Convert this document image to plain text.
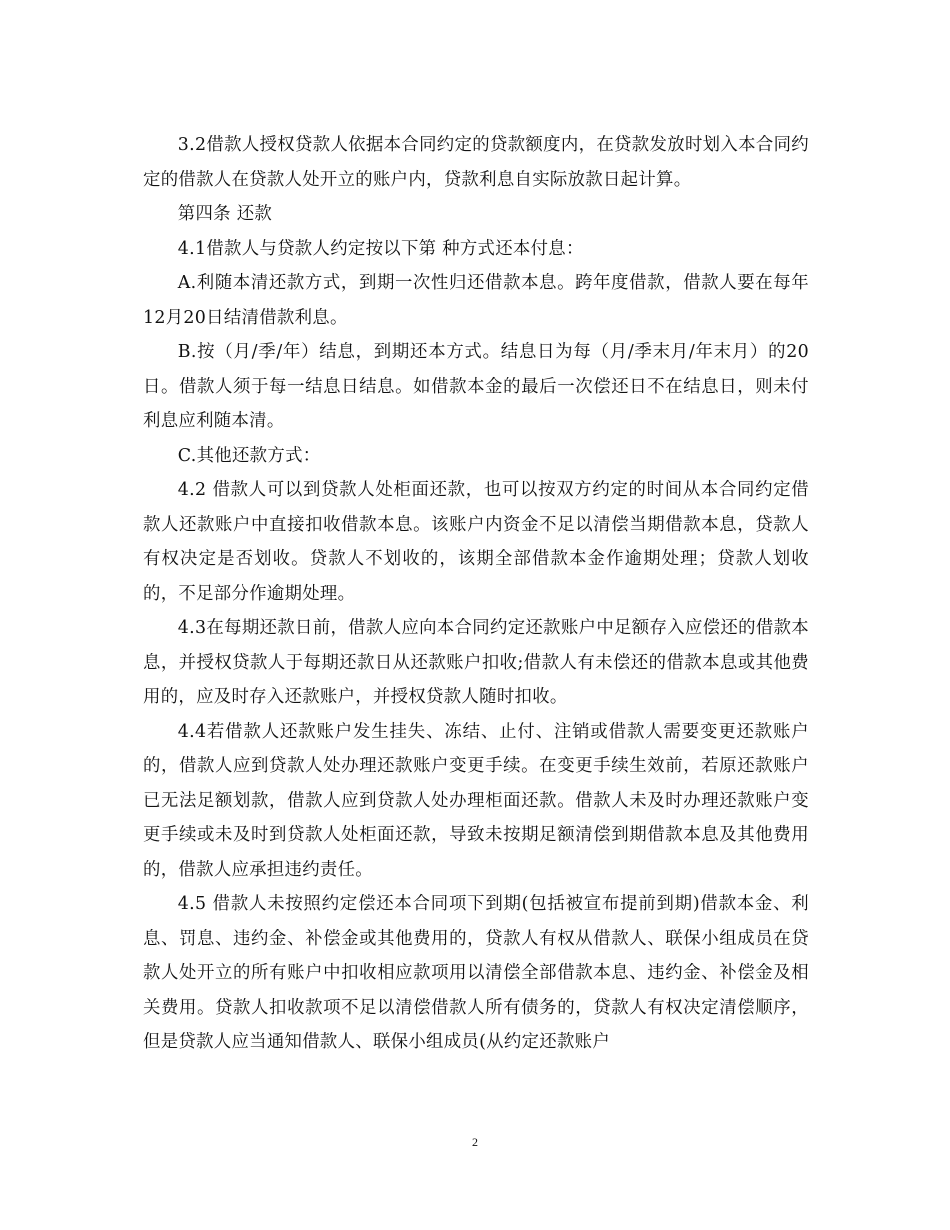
3.2借款人授权贷款人依据本合同约定的贷款额度内，在贷款发放时划入本合同约定的借款人在贷款人处开立的账户内，贷款利息自实际放款日起计算。

第四条 还款

4.1借款人与贷款人约定按以下第 种方式还本付息：

A.利随本清还款方式，到期一次性归还借款本息。跨年度借款，借款人要在每年12月20日结清借款利息。

B.按（月/季/年）结息，到期还本方式。结息日为每（月/季末月/年末月）的20日。借款人须于每一结息日结息。如借款本金的最后一次偿还日不在结息日，则未付利息应利随本清。

C.其他还款方式：

4.2 借款人可以到贷款人处柜面还款，也可以按双方约定的时间从本合同约定借款人还款账户中直接扣收借款本息。该账户内资金不足以清偿当期借款本息，贷款人有权决定是否划收。贷款人不划收的，该期全部借款本金作逾期处理；贷款人划收的，不足部分作逾期处理。

4.3在每期还款日前，借款人应向本合同约定还款账户中足额存入应偿还的借款本息，并授权贷款人于每期还款日从还款账户扣收;借款人有未偿还的借款本息或其他费用的，应及时存入还款账户，并授权贷款人随时扣收。

4.4若借款人还款账户发生挂失、冻结、止付、注销或借款人需要变更还款账户的，借款人应到贷款人处办理还款账户变更手续。在变更手续生效前，若原还款账户已无法足额划款，借款人应到贷款人处办理柜面还款。借款人未及时办理还款账户变更手续或未及时到贷款人处柜面还款，导致未按期足额清偿到期借款本息及其他费用的，借款人应承担违约责任。

4.5 借款人未按照约定偿还本合同项下到期(包括被宣布提前到期)借款本金、利息、罚息、违约金、补偿金或其他费用的，贷款人有权从借款人、联保小组成员在贷款人处开立的所有账户中扣收相应款项用以清偿全部借款本息、违约金、补偿金及相关费用。贷款人扣收款项不足以清偿借款人所有债务的，贷款人有权决定清偿顺序，但是贷款人应当通知借款人、联保小组成员(从约定还款账户

2
